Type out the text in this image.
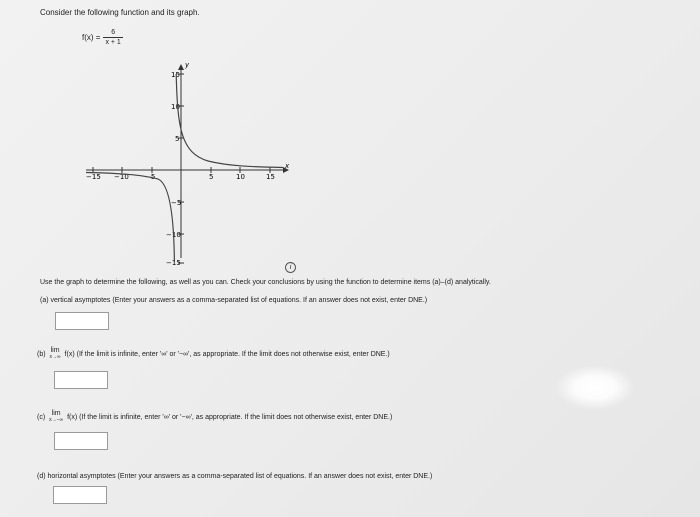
Consider the following function and its graph.
$f(x) = \frac{6}{x + 1}$
−15 −10 −5	5	10	15
15
10
5
−5
−10
−15
x
y
i
Use the graph to determine the following, as well as you can. Check your conclusions by using the function to determine items (a)–(d) analytically.
(a) vertical asymptotes (Enter your answers as a comma-separated list of equations. If an answer does not exist, enter DNE.)
(b)
lim
x→∞ f(x) (If the limit is infinite, enter '∞' or '−∞', as appropriate. If the limit does not otherwise exist, enter DNE.)
(c)
lim
x→−∞ f(x) (If the limit is infinite, enter '∞' or '−∞', as appropriate. If the limit does not otherwise exist, enter DNE.)
(d) horizontal asymptotes (Enter your answers as a comma-separated list of equations. If an answer does not exist, enter DNE.)
